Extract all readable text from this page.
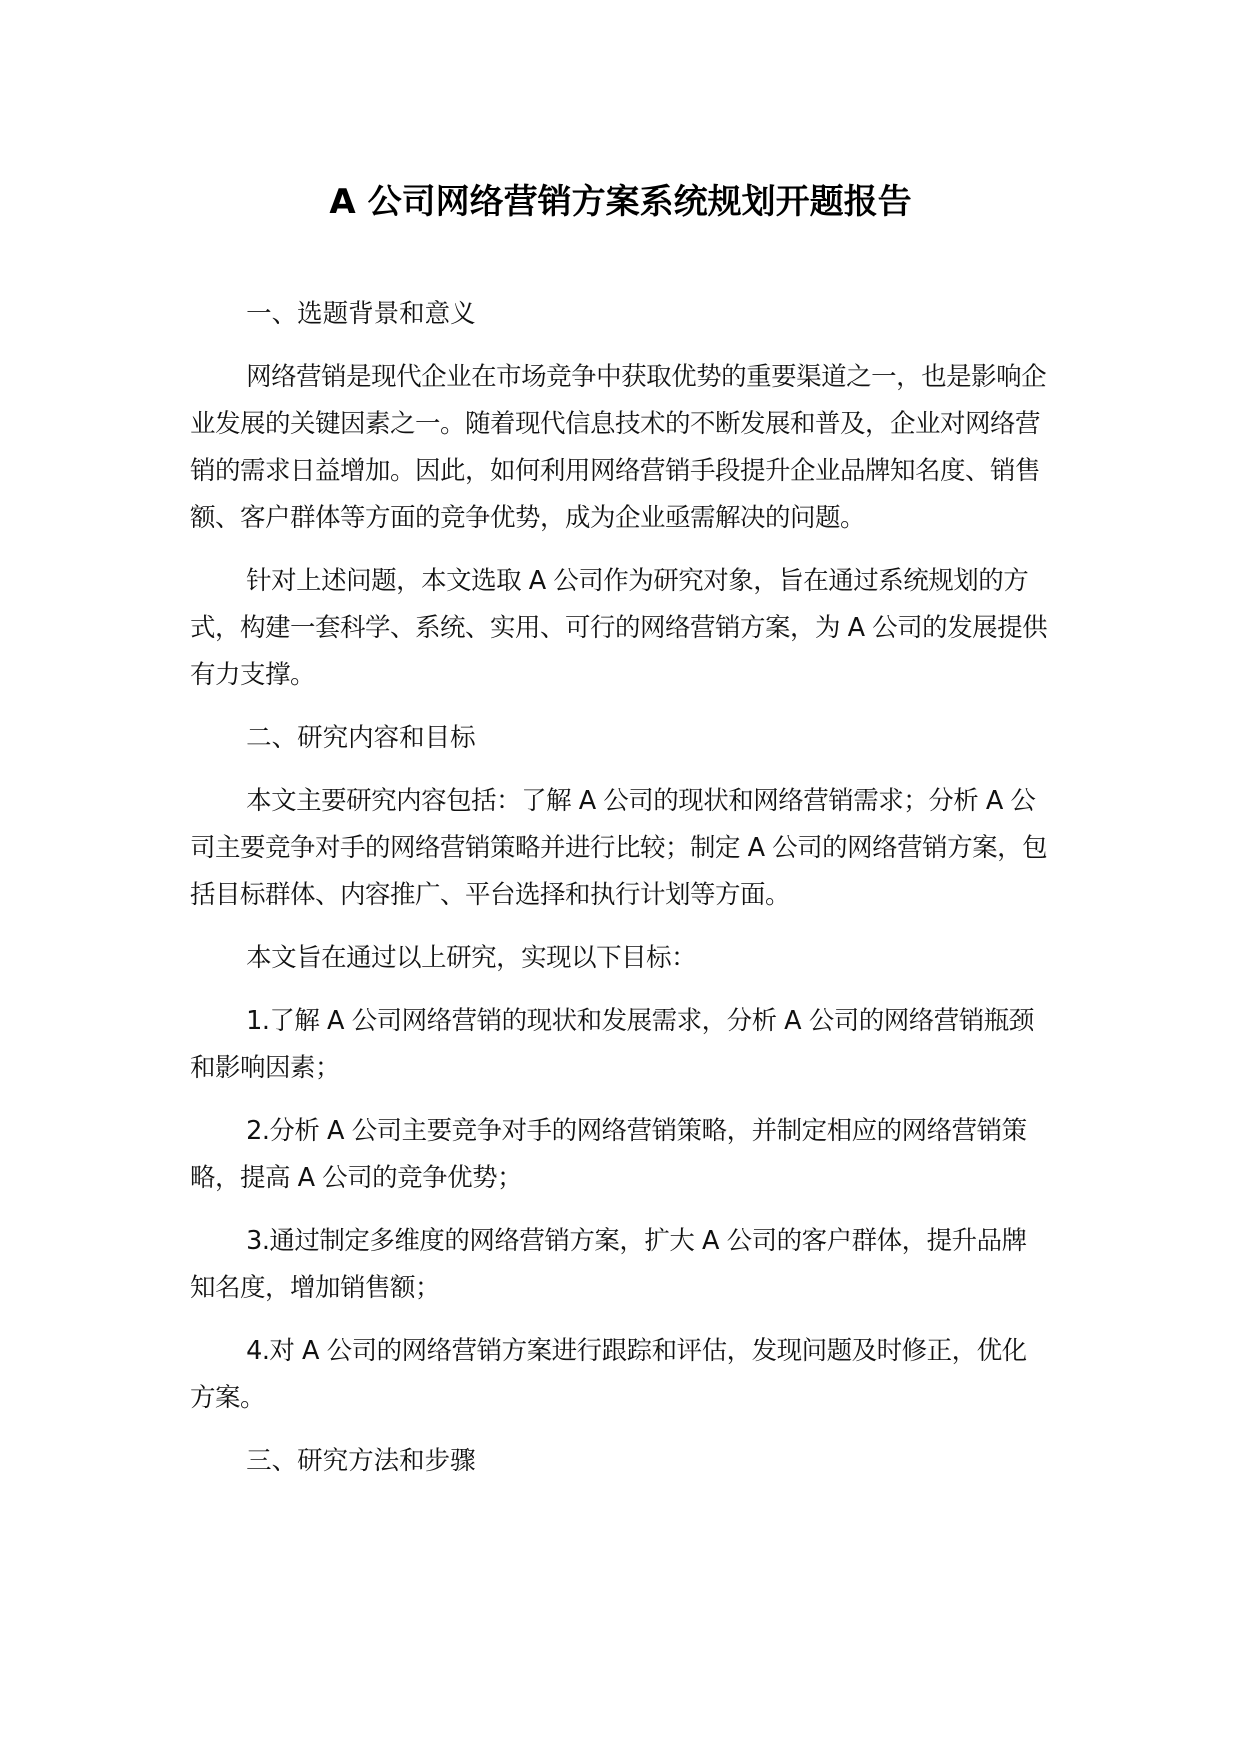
A 公司网络营销方案系统规划开题报告

一、选题背景和意义

网络营销是现代企业在市场竞争中获取优势的重要渠道之一，也是影响企业发展的关键因素之一。随着现代信息技术的不断发展和普及，企业对网络营销的需求日益增加。因此，如何利用网络营销手段提升企业品牌知名度、销售额、客户群体等方面的竞争优势，成为企业亟需解决的问题。

针对上述问题，本文选取 A 公司作为研究对象，旨在通过系统规划的方式，构建一套科学、系统、实用、可行的网络营销方案，为 A 公司的发展提供有力支撑。

二、研究内容和目标

本文主要研究内容包括：了解 A 公司的现状和网络营销需求；分析 A 公司主要竞争对手的网络营销策略并进行比较；制定 A 公司的网络营销方案，包括目标群体、内容推广、平台选择和执行计划等方面。

本文旨在通过以上研究，实现以下目标：

1.了解 A 公司网络营销的现状和发展需求，分析 A 公司的网络营销瓶颈和影响因素；

2.分析 A 公司主要竞争对手的网络营销策略，并制定相应的网络营销策略，提高 A 公司的竞争优势；

3.通过制定多维度的网络营销方案，扩大 A 公司的客户群体，提升品牌知名度，增加销售额；

4.对 A 公司的网络营销方案进行跟踪和评估，发现问题及时修正，优化方案。

三、研究方法和步骤
